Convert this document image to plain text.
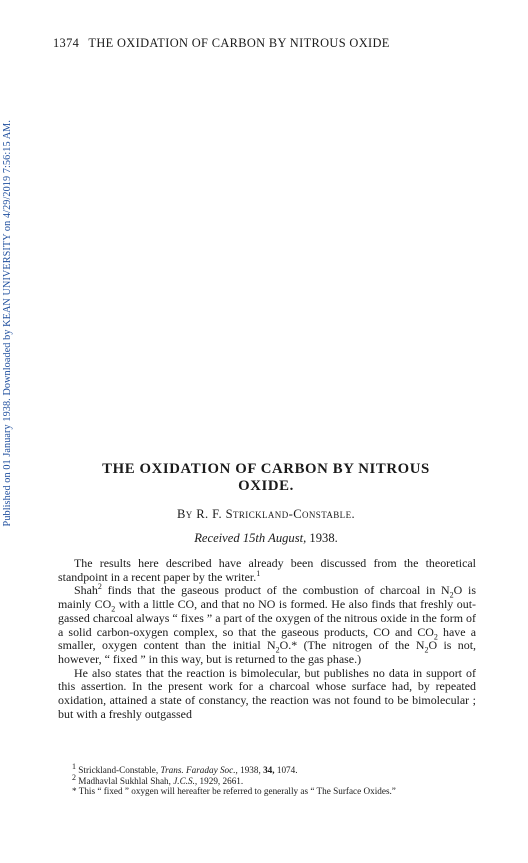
1374 THE OXIDATION OF CARBON BY NITROUS OXIDE
Published on 01 January 1938. Downloaded by KEAN UNIVERSITY on 4/29/2019 7:56:15 AM.	THE OXIDATION OF CARBON BY NITROUS
OXIDE.
By R. F. Strickland-Constable.
Received 15th August, 1938.

The results here described have already been discussed from the theoretical standpoint in a recent paper by the writer.$^1$

Shah$^2$ finds that the gaseous product of the combustion of charcoal in $N_2O$ is mainly $CO_2$ with a little CO, and that no NO is formed. He also finds that freshly out-gassed charcoal always “ fixes ” a part of the oxygen of the nitrous oxide in the form of a solid carbon-oxygen complex, so that the gaseous products, CO and $CO_2$ have a smaller, oxygen content than the initial $N_2O.*$ (The nitrogen of the $N_2O$ is not, however, “ fixed ” in this way, but is returned to the gas phase.)

He also states that the reaction is bimolecular, but publishes no data in support of this assertion. In the present work for a charcoal whose surface had, by repeated oxidation, attained a state of constancy, the reaction was not found to be bimolecular ; but with a freshly outgassed

$^1$ Strickland-Constable, Trans. Faraday Soc., 1938, 34, 1074.

$^2$ Madhavlal Sukhlal Shah, J.C.S., 1929, 2661.

* This “ fixed ” oxygen will hereafter be referred to generally as “ The Surface Oxides.”
